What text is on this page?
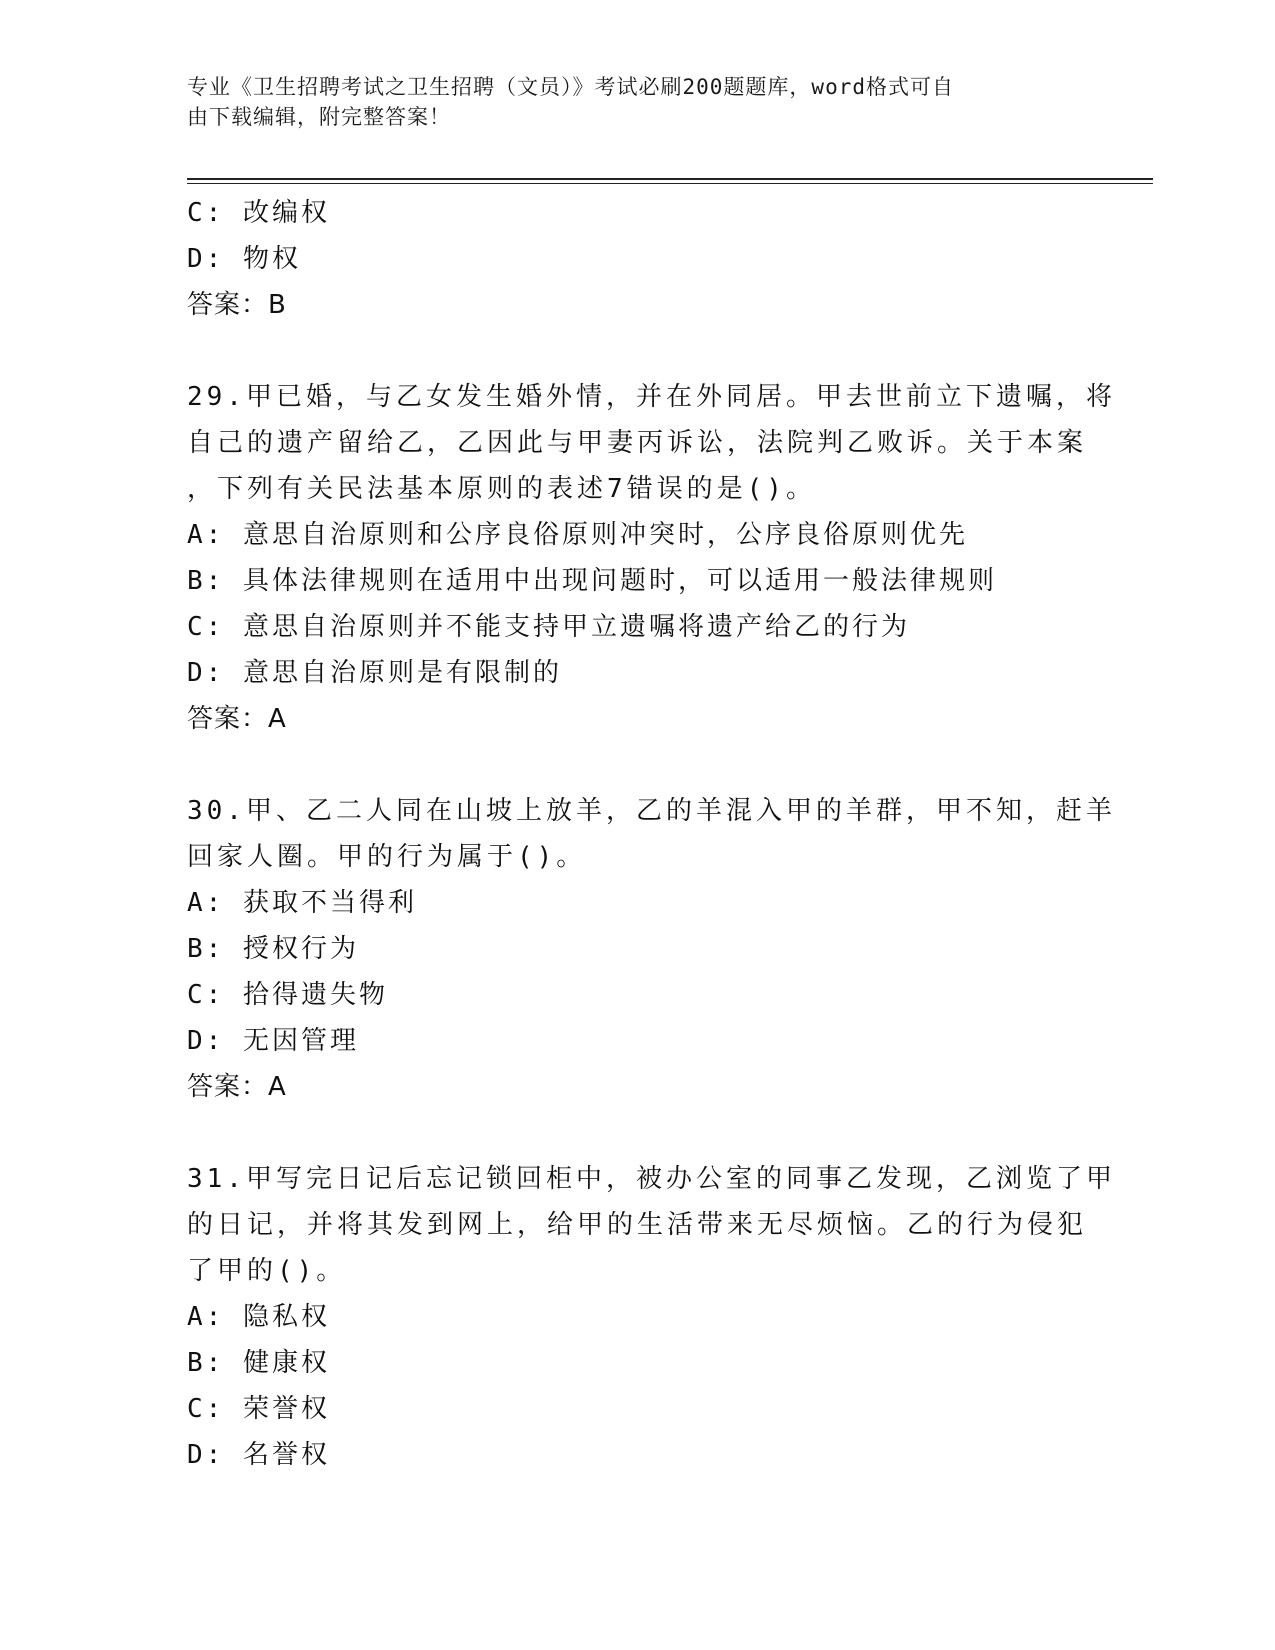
专业《卫生招聘考试之卫生招聘（文员）》考试必刷200题题库，word格式可自
由下载编辑，附完整答案！
C: 改编权
D: 物权
答案：B
29.甲已婚，与乙女发生婚外情，并在外同居。甲去世前立下遗嘱，将
自己的遗产留给乙，乙因此与甲妻丙诉讼，法院判乙败诉。关于本案
，下列有关民法基本原则的表述7错误的是()。
A: 意思自治原则和公序良俗原则冲突时，公序良俗原则优先
B: 具体法律规则在适用中出现问题时，可以适用一般法律规则
C: 意思自治原则并不能支持甲立遗嘱将遗产给乙的行为
D: 意思自治原则是有限制的
答案：A
30.甲、乙二人同在山坡上放羊，乙的羊混入甲的羊群，甲不知，赶羊
回家人圈。甲的行为属于()。
A: 获取不当得利
B: 授权行为
C: 拾得遗失物
D: 无因管理
答案：A
31.甲写完日记后忘记锁回柜中，被办公室的同事乙发现，乙浏览了甲
的日记，并将其发到网上，给甲的生活带来无尽烦恼。乙的行为侵犯
了甲的()。
A: 隐私权
B: 健康权
C: 荣誉权
D: 名誉权
